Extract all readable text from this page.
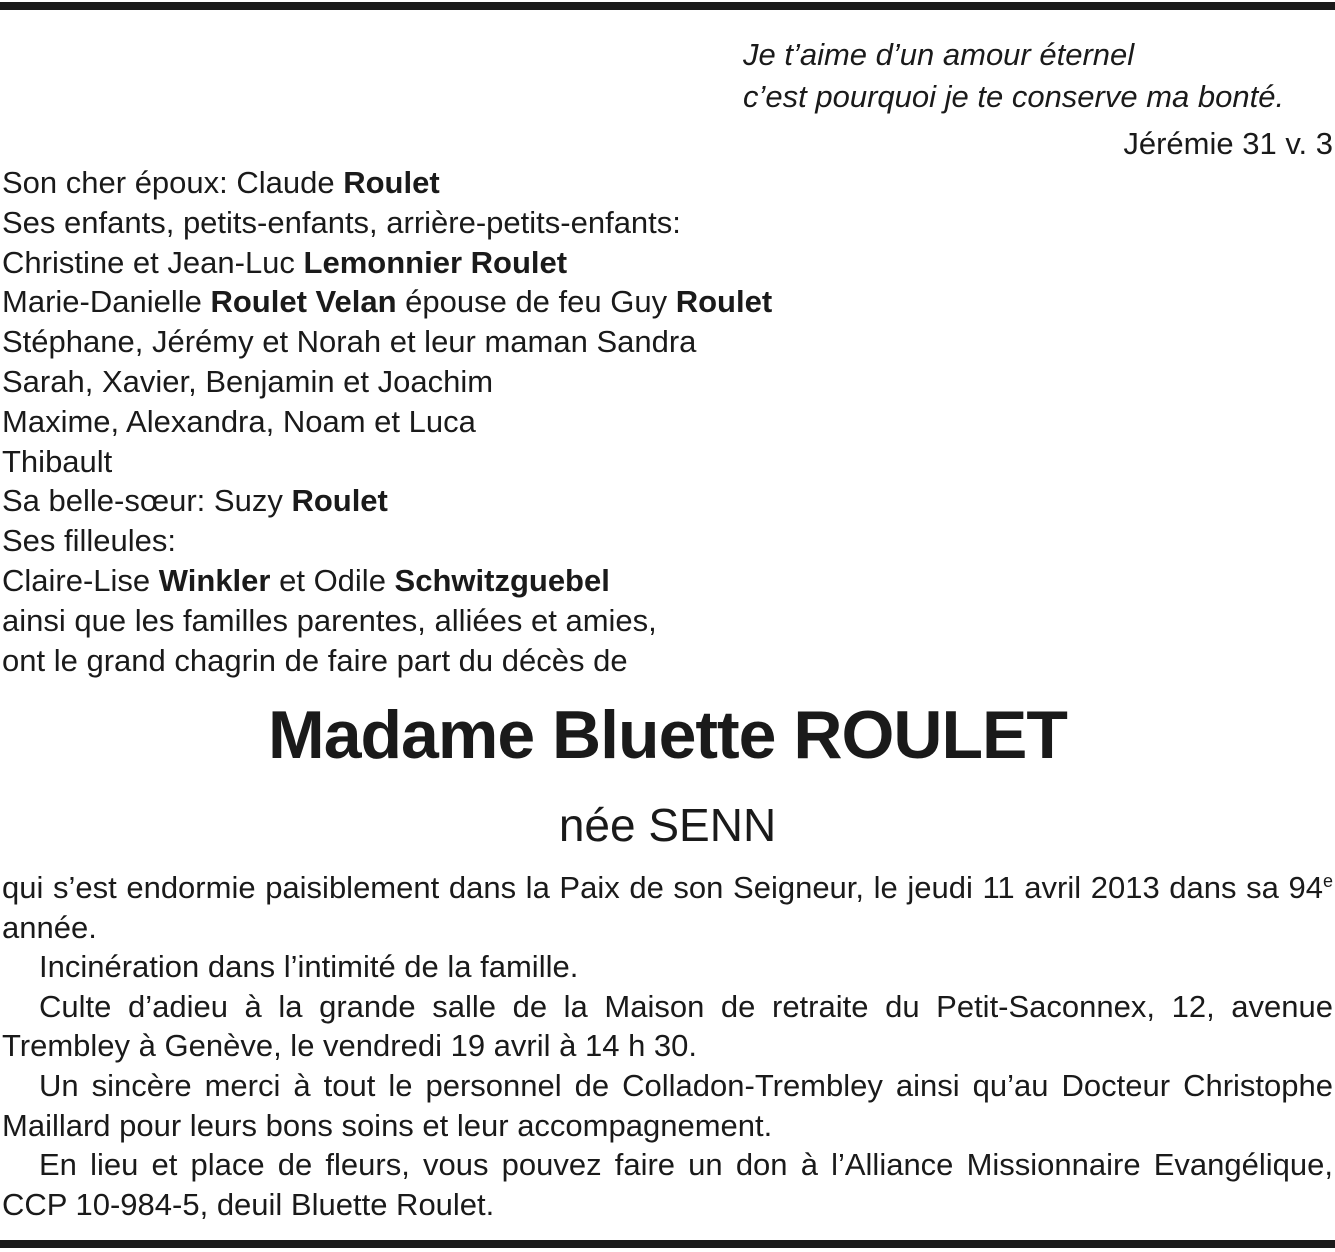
Je t’aime d’un amour éternel
c’est pourquoi je te conserve ma bonté.
Jérémie 31 v. 3
Son cher époux: Claude Roulet
Ses enfants, petits-enfants, arrière-petits-enfants:
Christine et Jean-Luc Lemonnier Roulet
Marie-Danielle Roulet Velan épouse de feu Guy Roulet
Stéphane, Jérémy et Norah et leur maman Sandra
Sarah, Xavier, Benjamin et Joachim
Maxime, Alexandra, Noam et Luca
Thibault
Sa belle-sœur: Suzy Roulet
Ses filleules:
Claire-Lise Winkler et Odile Schwitzguebel
ainsi que les familles parentes, alliées et amies,
ont le grand chagrin de faire part du décès de
Madame Bluette ROULET
née SENN

qui s’est endormie paisiblement dans la Paix de son Seigneur, le jeudi 11 avril 2013 dans sa 94e année.

Incinération dans l’intimité de la famille.

Culte d’adieu à la grande salle de la Maison de retraite du Petit-Saconnex, 12, avenue Trembley à Genève, le vendredi 19 avril à 14 h 30.

Un sincère merci à tout le personnel de Colladon-Trembley ainsi qu’au Docteur Christophe Maillard pour leurs bons soins et leur accompagnement.

En lieu et place de fleurs, vous pouvez faire un don à l’Alliance Missionnaire Evangélique, CCP 10-984-5, deuil Bluette Roulet.
